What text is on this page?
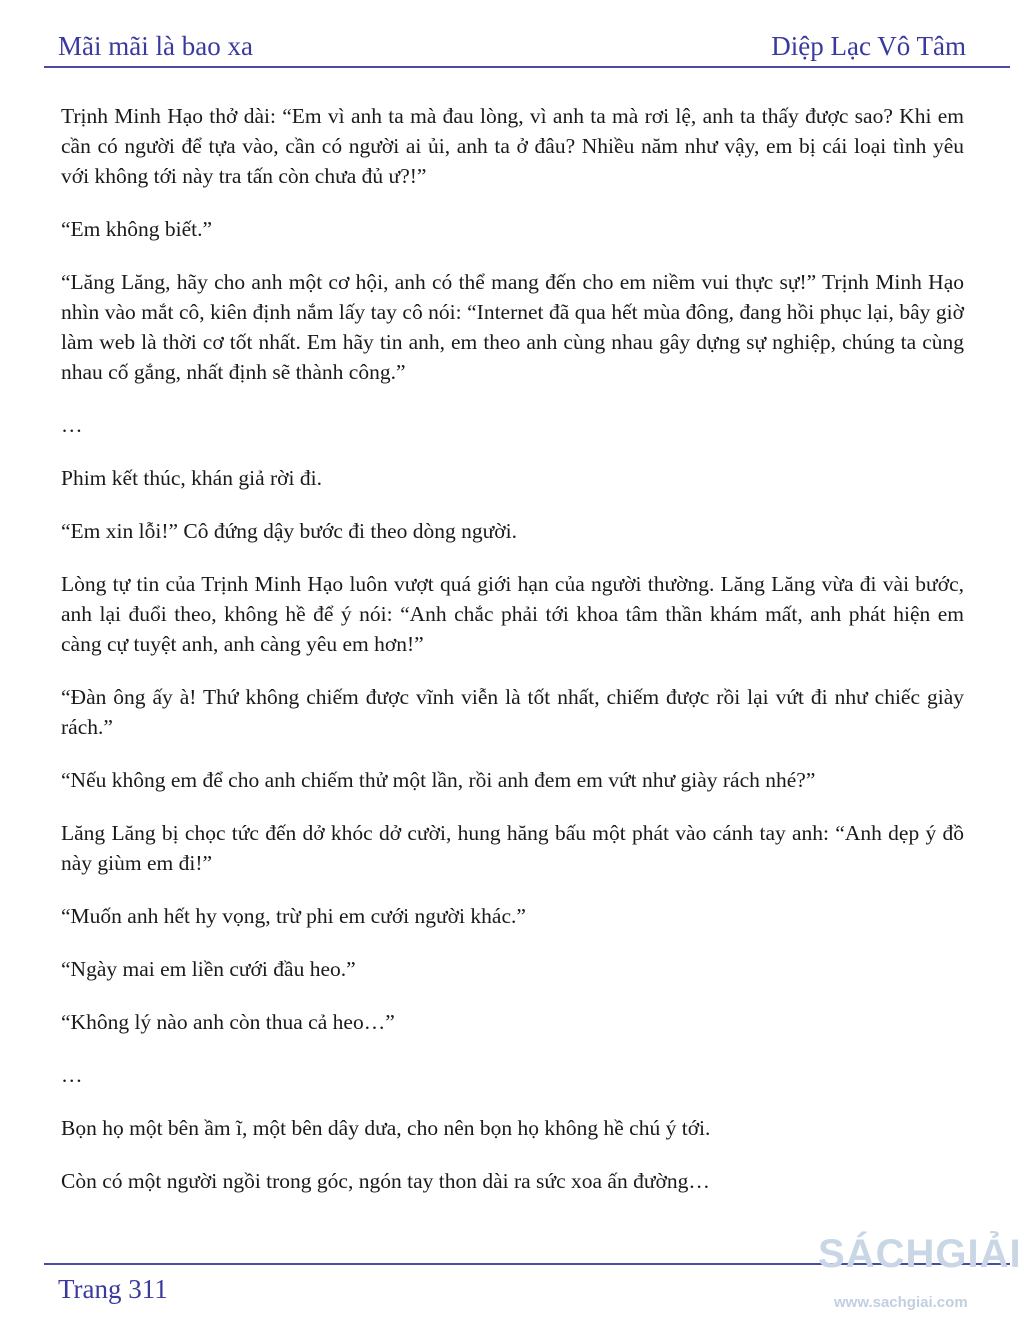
Mãi mãi là bao xa	Diệp Lạc Vô Tâm

Trịnh Minh Hạo thở dài: “Em vì anh ta mà đau lòng, vì anh ta mà rơi lệ, anh ta thấy được sao? Khi em cần có người để tựa vào, cần có người ai ủi, anh ta ở đâu? Nhiều năm như vậy, em bị cái loại tình yêu với không tới này tra tấn còn chưa đủ ư?!”

“Em không biết.”

“Lăng Lăng, hãy cho anh một cơ hội, anh có thể mang đến cho em niềm vui thực sự!” Trịnh Minh Hạo nhìn vào mắt cô, kiên định nắm lấy tay cô nói: “Internet đã qua hết mùa đông, đang hồi phục lại, bây giờ làm web là thời cơ tốt nhất. Em hãy tin anh, em theo anh cùng nhau gây dựng sự nghiệp, chúng ta cùng nhau cố gắng, nhất định sẽ thành công.”

…

Phim kết thúc, khán giả rời đi.

“Em xin lỗi!” Cô đứng dậy bước đi theo dòng người.

Lòng tự tin của Trịnh Minh Hạo luôn vượt quá giới hạn của người thường. Lăng Lăng vừa đi vài bước, anh lại đuổi theo, không hề để ý nói: “Anh chắc phải tới khoa tâm thần khám mất, anh phát hiện em càng cự tuyệt anh, anh càng yêu em hơn!”

“Đàn ông ấy à! Thứ không chiếm được vĩnh viễn là tốt nhất, chiếm được rồi lại vứt đi như chiếc giày rách.”

“Nếu không em để cho anh chiếm thử một lần, rồi anh đem em vứt như giày rách nhé?”

Lăng Lăng bị chọc tức đến dở khóc dở cười, hung hăng bấu một phát vào cánh tay anh: “Anh dẹp ý đồ này giùm em đi!”

“Muốn anh hết hy vọng, trừ phi em cưới người khác.”

“Ngày mai em liền cưới đầu heo.”

“Không lý nào anh còn thua cả heo…”

…

Bọn họ một bên ầm ĩ, một bên dây dưa, cho nên bọn họ không hề chú ý tới.

Còn có một người ngồi trong góc, ngón tay thon dài ra sức xoa ấn đường…

Trang 311
SÁCHGIẢI
www.sachgiai.com
